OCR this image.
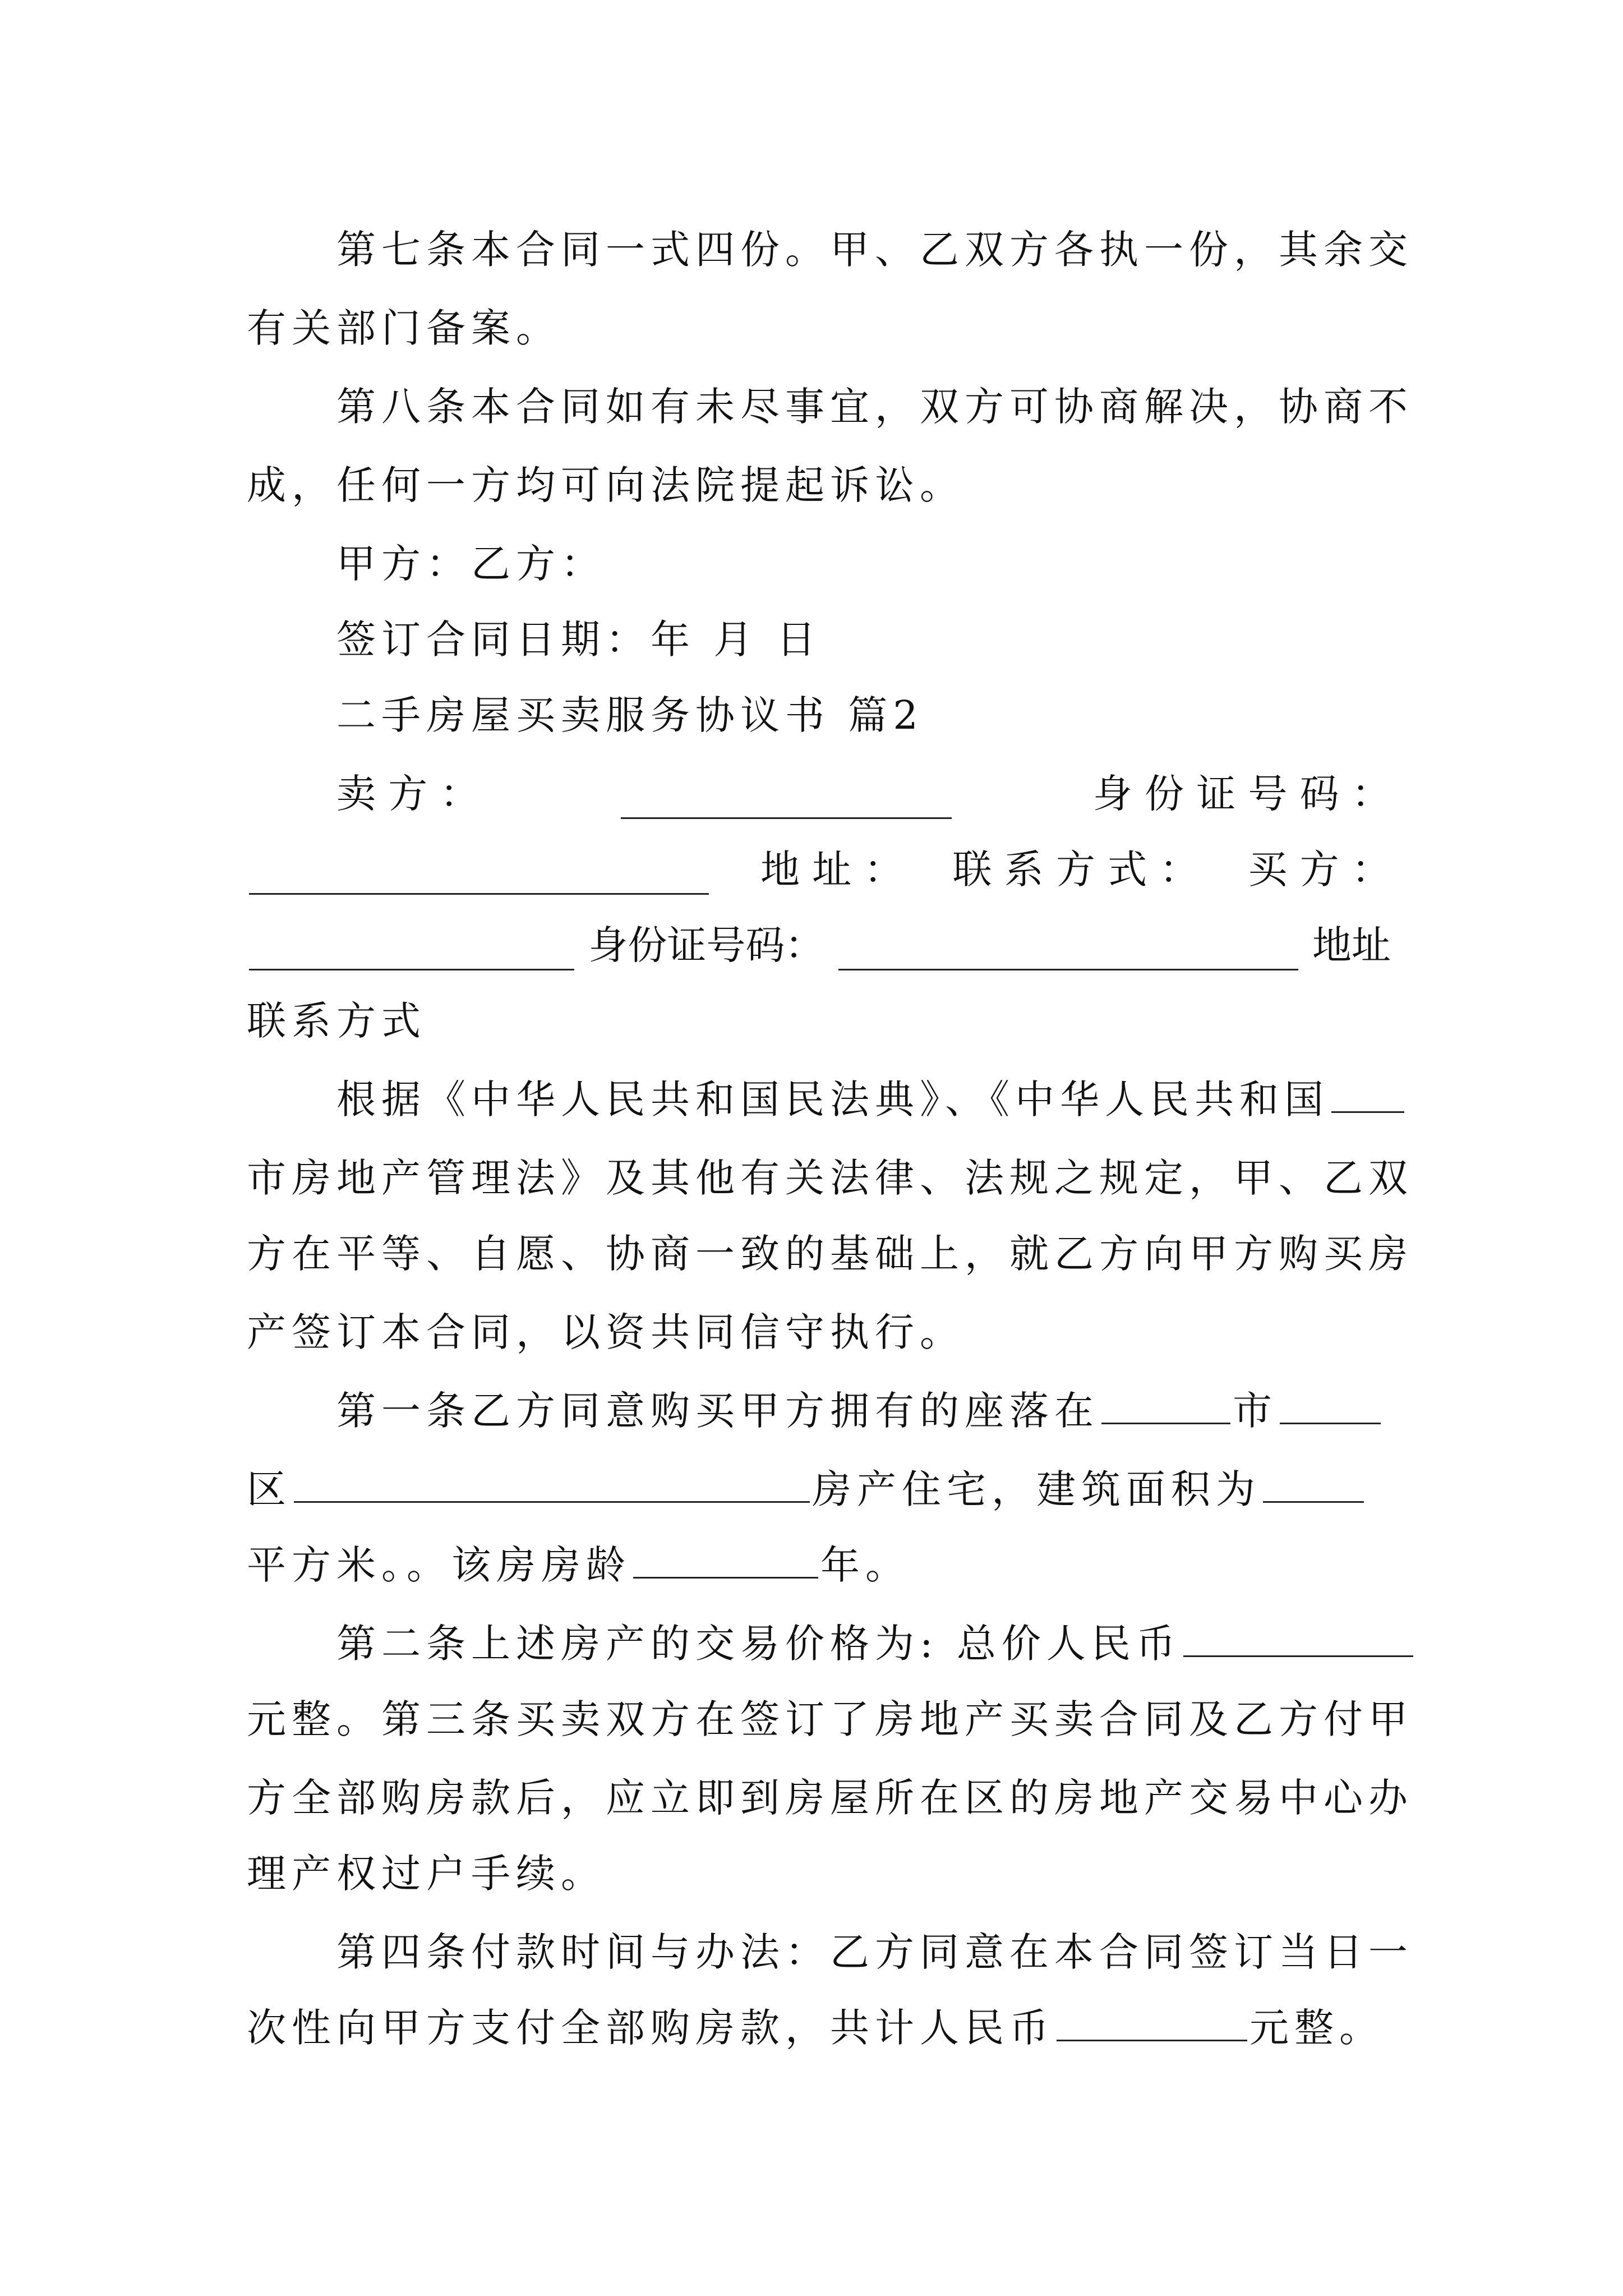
第七条本合同一式四份。甲、乙双方各执一份，其余交
有关部门备案。
第八条本合同如有未尽事宜，双方可协商解决，协商不
成，任何一方均可向法院提起诉讼。
甲方：乙方：
签订合同日期：年 月 日
二手房屋买卖服务协议书 篇2
卖 方 ：	身 份 证 号 码 ：
地 址 ： 联 系 方 式 ： 买 方 ：
身份证号码：	地址
联系方式
根据《中华人民共和国民法典》、《中华人民共和国
市房地产管理法》及其他有关法律、法规之规定，甲、乙双
方在平等、自愿、协商一致的基础上，就乙方向甲方购买房
产签订本合同，以资共同信守执行。
第一条乙方同意购买甲方拥有的座落在	市
区	房产住宅，建筑面积为
平方米。。该房房龄	年。
第二条上述房产的交易价格为: 总价人民币
元整。第三条买卖双方在签订了房地产买卖合同及乙方付甲
方全部购房款后，应立即到房屋所在区的房地产交易中心办
理产权过户手续。
第四条付款时间与办法：乙方同意在本合同签订当日一
次性向甲方支付全部购房款，共计人民币	元整。
